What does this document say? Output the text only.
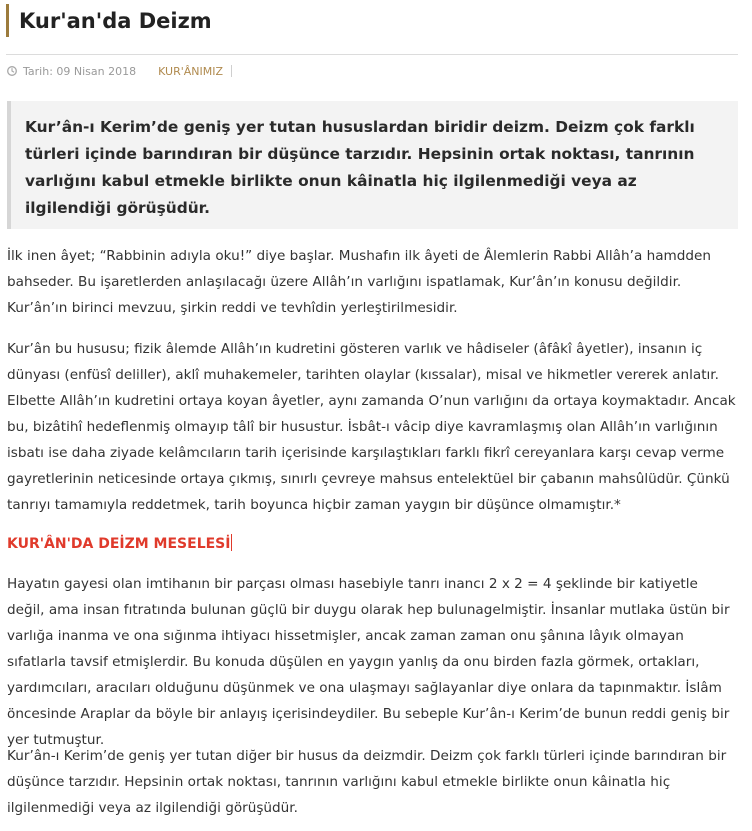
Kur'an'da Deizm
Tarih: 09 Nisan 2018 KUR'ÂNIMIZ

Kur’ân-ı Kerim’de geniş yer tutan hususlardan biridir deizm. Deizm çok farklı türleri içinde barındıran bir düşünce tarzıdır. Hepsinin ortak noktası, tanrının varlığını kabul etmekle birlikte onun kâinatla hiç ilgilenmediği veya az ilgilendiği görüşüdür.

İlk inen âyet; “Rabbinin adıyla oku!” diye başlar. Mushafın ilk âyeti de Âlemlerin Rabbi Allâh’a hamdden bahseder. Bu işaretlerden anlaşılacağı üzere Allâh’ın varlığını ispatlamak, Kur’ân’ın konusu değildir. Kur’ân’ın birinci mevzuu, şirkin reddi ve tevhîdin yerleştirilmesidir.

Kur’ân bu hususu; fizik âlemde Allâh’ın kudretini gösteren varlık ve hâdiseler (âfâkî âyetler), insanın iç dünyası (enfüsî deliller), aklî muhakemeler, tarihten olaylar (kıssalar), misal ve hikmetler vererek anlatır. Elbette Allâh’ın kudretini ortaya koyan âyetler, aynı zamanda O’nun varlığını da ortaya koymaktadır. Ancak bu, bizâtihî hedeflenmiş olmayıp tâlî bir husustur. İsbât-ı vâcip diye kavramlaşmış olan Allâh’ın varlığının isbatı ise daha ziyade kelâmcıların tarih içerisinde karşılaştıkları farklı fikrî cereyanlara karşı cevap verme gayretlerinin neticesinde ortaya çıkmış, sınırlı çevreye mahsus entelektüel bir çabanın mahsûlüdür. Çünkü tanrıyı tamamıyla reddetmek, tarih boyunca hiçbir zaman yaygın bir düşünce olmamıştır.*

KUR'ÂN'DA DEİZM MESELESİ

Hayatın gayesi olan imtihanın bir parçası olması hasebiyle tanrı inancı 2 x 2 = 4 şeklinde bir katiyetle değil, ama insan fıtratında bulunan güçlü bir duygu olarak hep bulunagelmiştir. İnsanlar mutlaka üstün bir varlığa inanma ve ona sığınma ihtiyacı hissetmişler, ancak zaman zaman onu şânına lâyık olmayan sıfatlarla tavsif etmişlerdir. Bu konuda düşülen en yaygın yanlış da onu birden fazla görmek, ortakları, yardımcıları, aracıları olduğunu düşünmek ve ona ulaşmayı sağlayanlar diye onlara da tapınmaktır. İslâm öncesinde Araplar da böyle bir anlayış içerisindeydiler. Bu sebeple Kur’ân-ı Kerim’de bunun reddi geniş bir yer tutmuştur.

Kur’ân-ı Kerim’de geniş yer tutan diğer bir husus da deizmdir. Deizm çok farklı türleri içinde barındıran bir düşünce tarzıdır. Hepsinin ortak noktası, tanrının varlığını kabul etmekle birlikte onun kâinatla hiç ilgilenmediği veya az ilgilendiği görüşüdür.
